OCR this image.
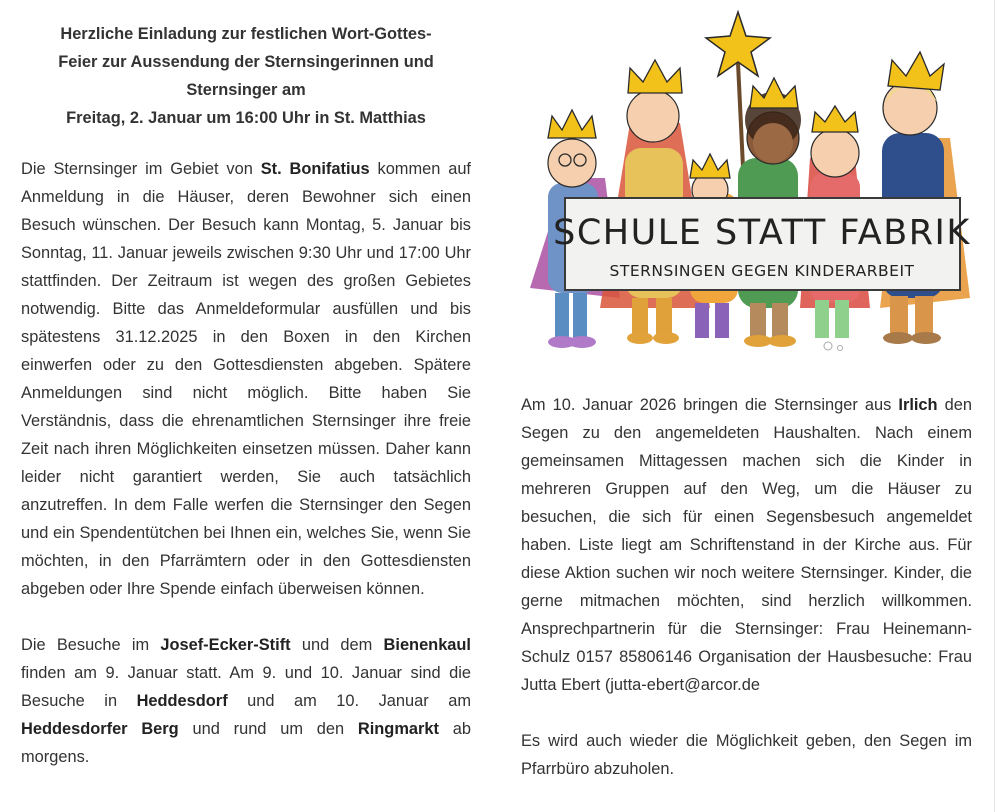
Herzliche Einladung zur festlichen Wort-Gottes-
Feier zur Aussendung der Sternsingerinnen und
Sternsinger am
Freitag, 2. Januar um 16:00 Uhr in St. Matthias

Die Sternsinger im Gebiet von St. Bonifatius kommen auf Anmeldung in die Häuser, deren Bewohner sich einen Besuch wünschen. Der Besuch kann Montag, 5. Januar bis Sonntag, 11. Januar jeweils zwischen 9:30 Uhr und 17:00 Uhr stattfinden. Der Zeitraum ist wegen des großen Gebietes notwendig. Bitte das Anmeldeformular ausfüllen und bis spätestens 31.12.2025 in den Boxen in den Kirchen einwerfen oder zu den Gottesdiensten abgeben. Spätere Anmeldungen sind nicht möglich. Bitte haben Sie Verständnis, dass die ehrenamtlichen Sternsinger ihre freie Zeit nach ihren Möglichkeiten einsetzen müssen. Daher kann leider nicht garantiert werden, Sie auch tatsächlich anzutreffen. In dem Falle werfen die Sternsinger den Segen und ein Spendentütchen bei Ihnen ein, welches Sie, wenn Sie möchten, in den Pfarrämtern oder in den Gottesdiensten abgeben oder Ihre Spende einfach überweisen können.

Die Besuche im Josef-Ecker-Stift und dem Bienenkaul finden am 9. Januar statt. Am 9. und 10. Januar sind die Besuche in Heddesdorf und am 10. Januar am Heddesdorfer Berg und rund um den Ringmarkt ab morgens.

SCHULE STATT FABRIK
STERNSINGEN GEGEN KINDERARBEIT

Am 10. Januar 2026 bringen die Sternsinger aus Irlich den Segen zu den angemeldeten Haushalten. Nach einem gemeinsamen Mittagessen machen sich die Kinder in mehreren Gruppen auf den Weg, um die Häuser zu besuchen, die sich für einen Segensbesuch angemeldet haben. Liste liegt am Schriftenstand in der Kirche aus. Für diese Aktion suchen wir noch weitere Sternsinger. Kinder, die gerne mitmachen möchten, sind herzlich willkommen. Ansprechpartnerin für die Sternsinger: Frau Heinemann-Schulz 0157 85806146 Organisation der Hausbesuche: Frau Jutta Ebert (jutta-ebert@arcor.de

Es wird auch wieder die Möglichkeit geben, den Segen im Pfarrbüro abzuholen.
